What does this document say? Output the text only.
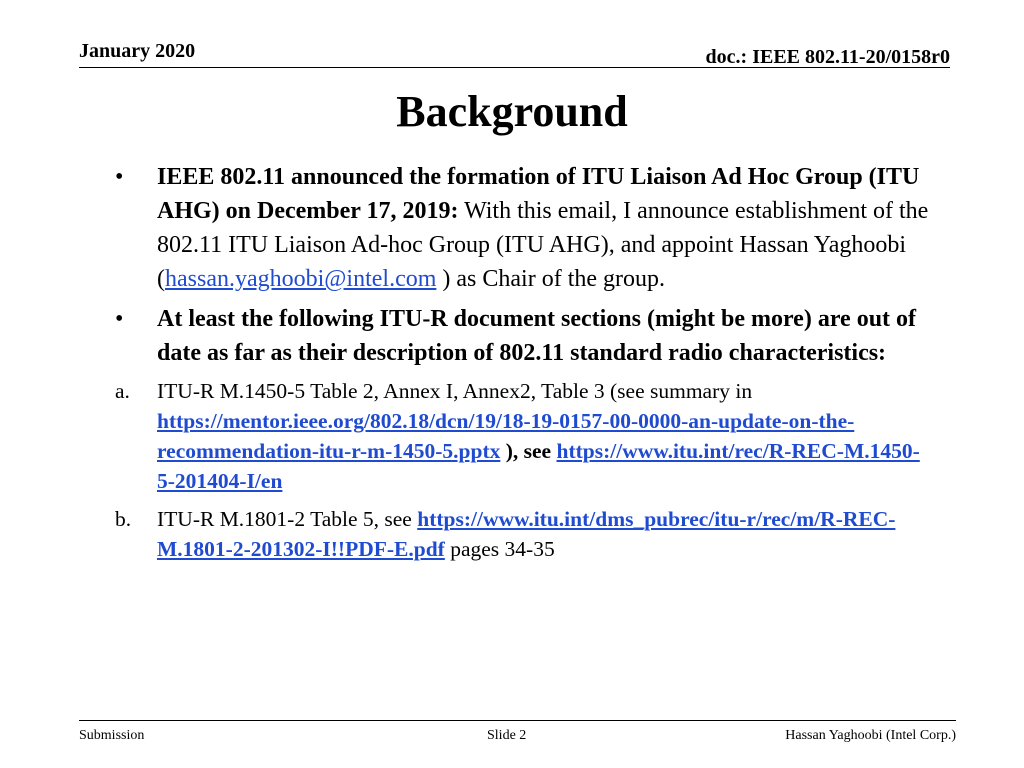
January 2020	doc.: IEEE 802.11-20/0158r0
Background
• IEEE 802.11 announced the formation of ITU Liaison Ad Hoc Group (ITU AHG) on December 17, 2019: With this email, I announce establishment of the 802.11 ITU Liaison Ad-hoc Group (ITU AHG), and appoint Hassan Yaghoobi (hassan.yaghoobi@intel.com ) as Chair of the group.
• At least the following ITU-R document sections (might be more) are out of date as far as their description of 802.11 standard radio characteristics:
a. ITU-R M.1450-5 Table 2, Annex I, Annex2, Table 3 (see summary in https://mentor.ieee.org/802.18/dcn/19/18-19-0157-00-0000-an-update-on-the-recommendation-itu-r-m-1450-5.pptx ), see https://www.itu.int/rec/R-REC-M.1450-5-201404-I/en
b. ITU-R M.1801-2 Table 5, see https://www.itu.int/dms_pubrec/itu-r/rec/m/R-REC-M.1801-2-201302-I!!PDF-E.pdf pages 34-35
Submission	Slide 2	Hassan Yaghoobi (Intel Corp.)
